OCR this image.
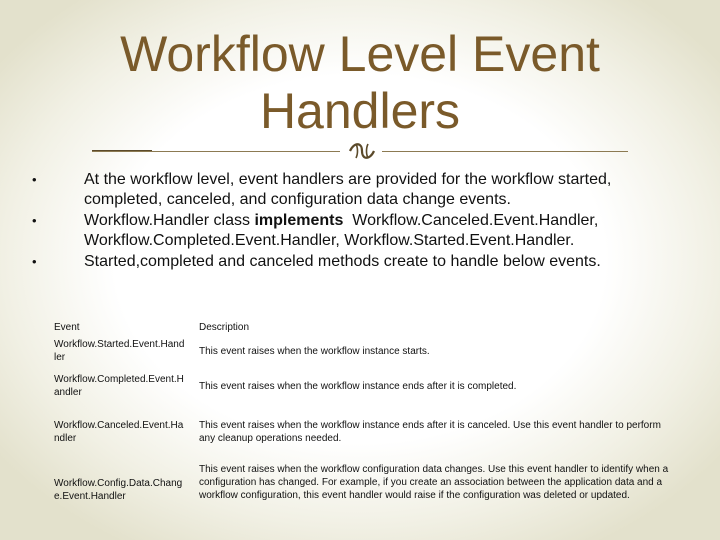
Workflow Level Event Handlers
•
At the workflow level, event handlers are provided for the workflow started, completed, canceled, and configuration data change events.
•
Workflow.Handler class implements  Workflow.Canceled.Event.Handler, Workflow.Completed.Event.Handler, Workflow.Started.Event.Handler.
•
Started,completed and canceled methods create to handle below events.
Event	Description
Workflow.Started.Event.Hand ler
This event raises when the workflow instance starts.
Workflow.Completed.Event.H andler
This event raises when the workflow instance ends after it is completed.
Workflow.Canceled.Event.Ha ndler
This event raises when the workflow instance ends after it is canceled. Use this event handler to perform any cleanup operations needed.
Workflow.Config.Data.Chang e.Event.Handler
This event raises when the workflow configuration data changes. Use this event handler to identify when a configuration has changed. For example, if you create an association between the application data and a workflow configuration, this event handler would raise if the configuration was deleted or updated.
